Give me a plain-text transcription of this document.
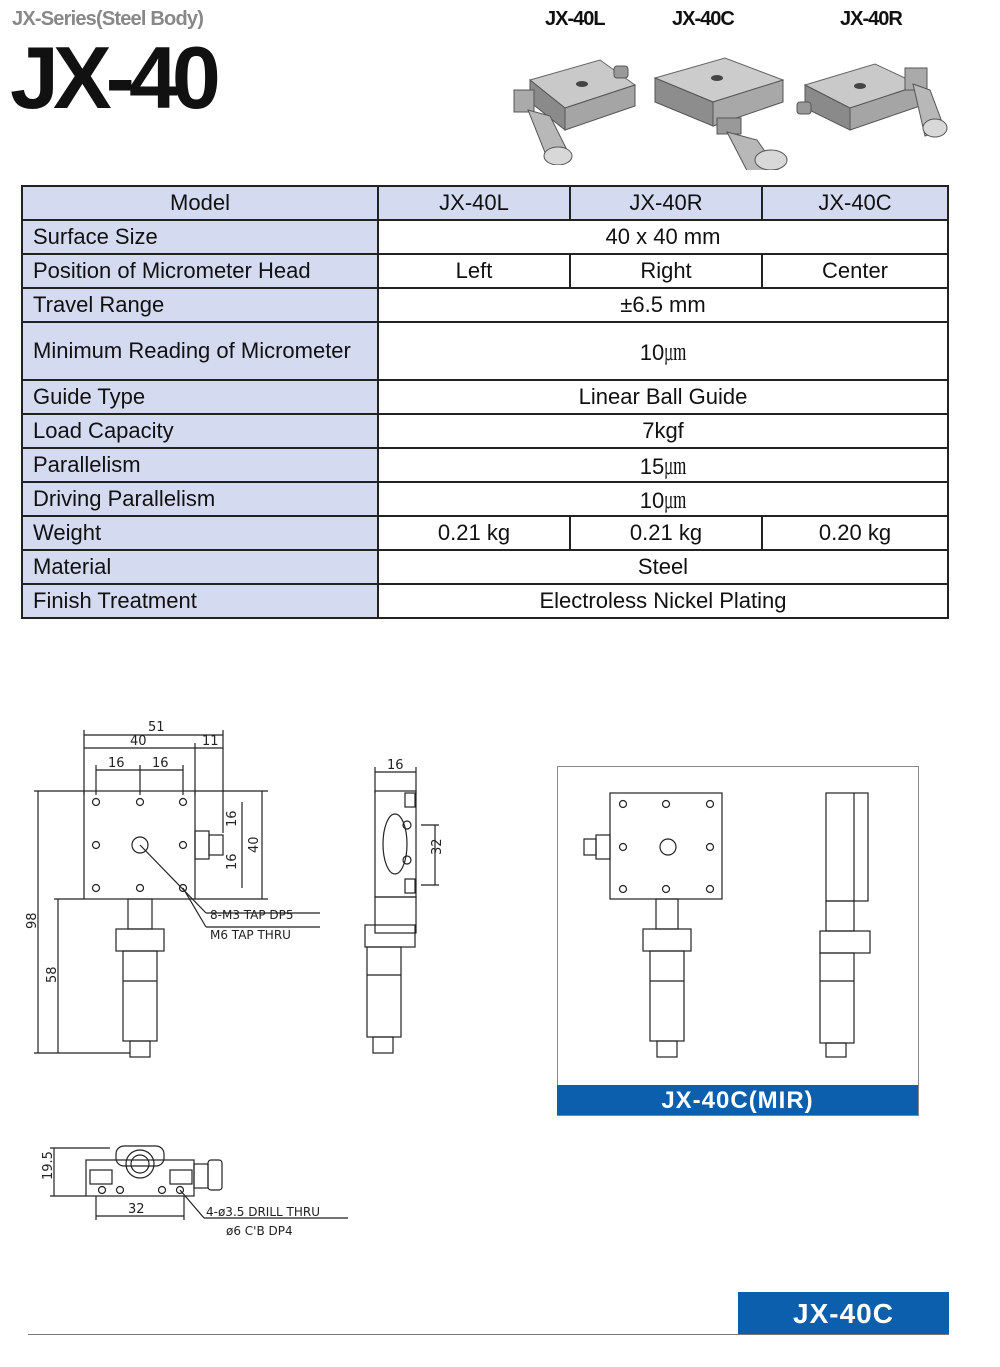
JX-Series(Steel Body)
JX-40
JX-40L	JX-40C	JX-40R
Model	JX-40L	JX-40R	JX-40C
Surface Size	40 x 40 mm		
Position of Micrometer Head	Left	Right	Center
Travel Range	±6.5 mm		
Minimum Reading of Micrometer	10㎛		
Guide Type	Linear Ball Guide		
Load Capacity	7kgf		
Parallelism	15㎛		
Driving Parallelism	10㎛		
Weight	0.21 kg	0.21 kg	0.20 kg
Material	Steel		
Finish Treatment	Electroless Nickel Plating		
51
40	11
16 16
16
16
40
98
58
8-M3 TAP DP5
M6 TAP THRU
16
32
19.5
32	4-ø3.5 DRILL THRU
ø6 C'B DP4
JX-40C(MIR)
JX-40C
